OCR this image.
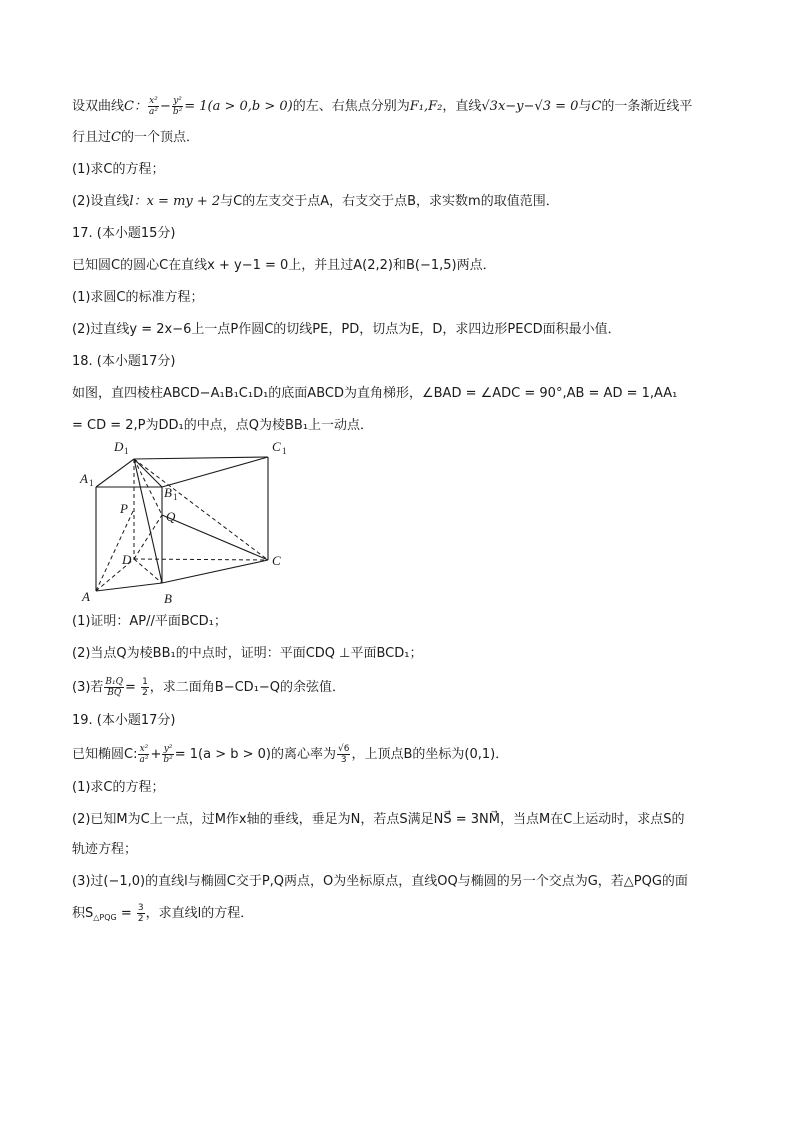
设双曲线C： $\frac{\text{x²}}{\text{a²}} - \frac{\text{y²}}{\text{b²}} = 1(a > 0,b > 0)$的左、右焦点分别为F₁,F₂，直线√3x−y−√3 = 0与C的一条渐近线平

行且过C的一个顶点．

(1)求C的方程；

(2)设直线l：x = my + 2与C的左支交于点A，右支交于点B，求实数m的取值范围．

17. (本小题15分)

已知圆C的圆心C在直线x + y−1 = 0上，并且过A(2,2)和B(−1,5)两点．

(1)求圆C的标准方程；

(2)过直线y = 2x−6上一点P作圆C的切线PE，PD，切点为E，D，求四边形PECD面积最小值．

18. (本小题17分)

如图，直四棱柱ABCD−A₁B₁C₁D₁的底面ABCD为直角梯形，∠BAD = ∠ADC = 90°,AB = AD = 1,AA₁

= CD = 2,P为DD₁的中点，点Q为棱BB₁上一动点．

D 1	C 1
A 1
B 1
P
Q
D	C
A	B

(1)证明：AP//平面BCD₁；

(2)当点Q为棱BB₁的中点时，证明：平面CDQ ⊥平面BCD₁；

(3)若 $\frac{\text{B₁Q}}{BQ} = \frac{1}{2}$ ，求二面角B−CD₁−Q的余弦值．

19. (本小题17分)

已知椭圆C: $\frac{\text{x²}}{\text{a²}} + \frac{\text{y²}}{\text{b²}} = 1(a > b > 0)$的离心率为 $\frac{√6}{3}$ ，上顶点B的坐标为(0,1)．

(1)求C的方程；

(2)已知M为C上一点，过M作x轴的垂线，垂足为N，若点S满足NS⃗ = 3NM⃗，当点M在C上运动时，求点S的

轨迹方程；

(3)过(−1,0)的直线l与椭圆C交于P,Q两点，O为坐标原点，直线OQ与椭圆的另一个交点为G，若△PQG的面

积$S_{\triangle PQG} = \frac{3}{2}$ ，求直线l的方程．
